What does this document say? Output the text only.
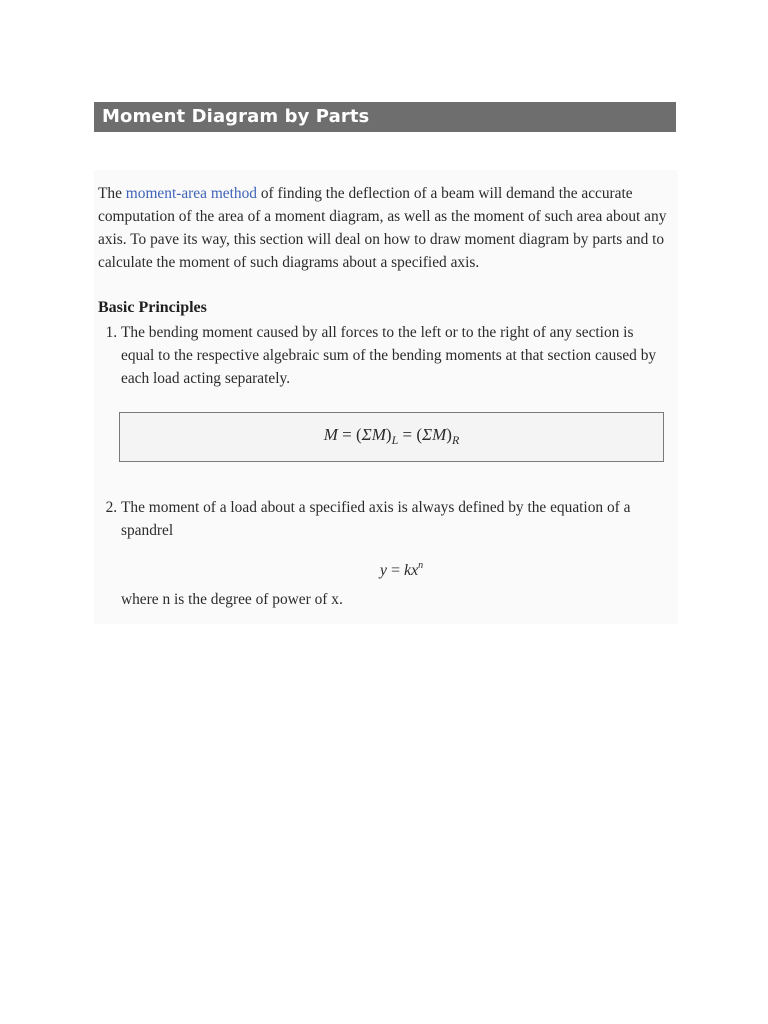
Moment Diagram by Parts

The moment-area method of finding the deflection of a beam will demand the accurate computation of the area of a moment diagram, as well as the moment of such area about any axis. To pave its way, this section will deal on how to draw moment diagram by parts and to calculate the moment of such diagrams about a specified axis.

Basic Principles
1. The bending moment caused by all forces to the left or to the right of any section is equal to the respective algebraic sum of the bending moments at that section caused by each load acting separately.
$M = (\Sigma M)_L = (\Sigma M)_R$
2. The moment of a load about a specified axis is always defined by the equation of a spandrel
$y = kx^n$

where n is the degree of power of x.
